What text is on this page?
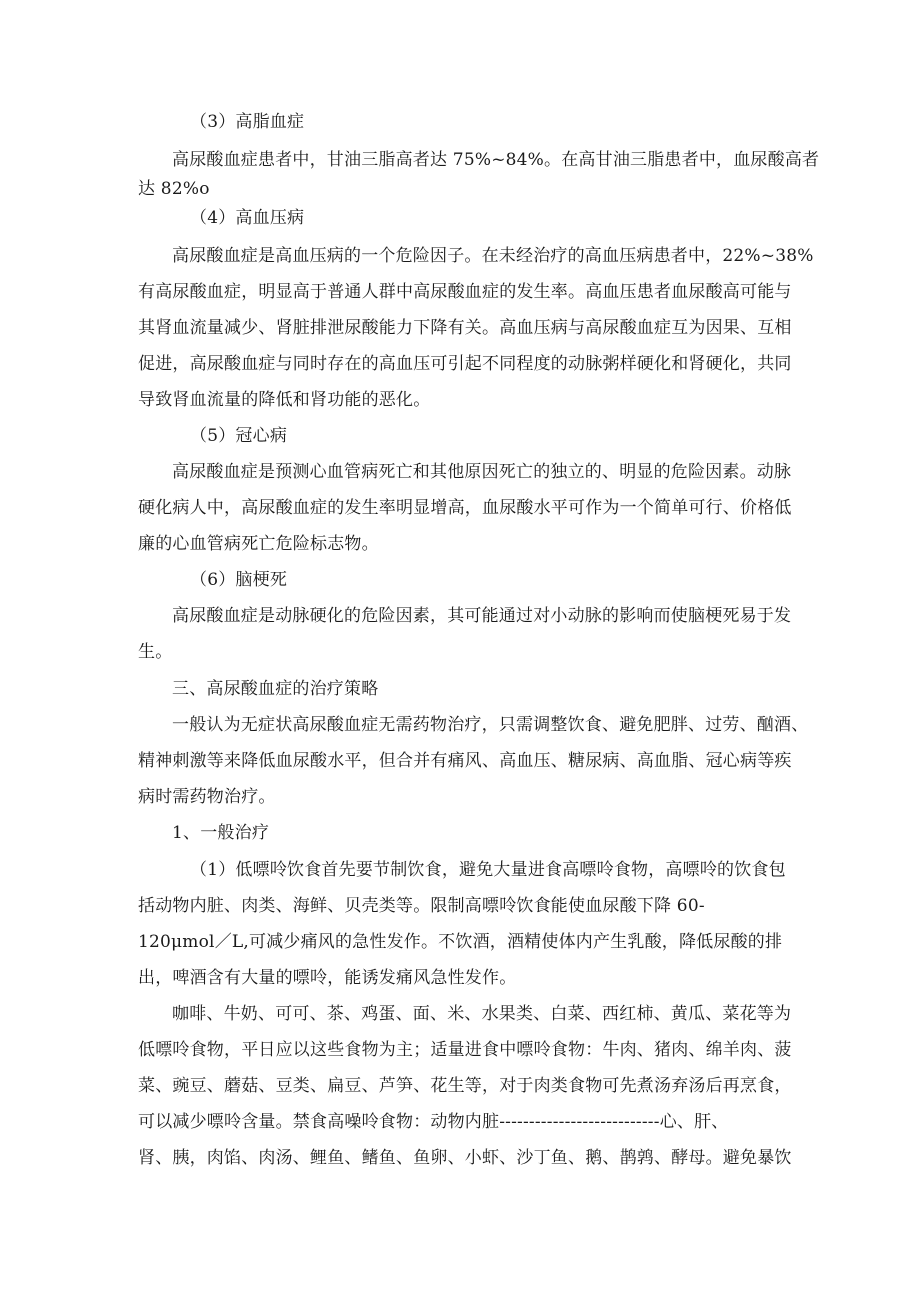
（3）高脂血症

高尿酸血症患者中，甘油三脂高者达 75%~84%。在高甘油三脂患者中，血尿酸高者

达 82%o

（4）高血压病

高尿酸血症是高血压病的一个危险因子。在未经治疗的高血压病患者中，22%~38%

有高尿酸血症，明显高于普通人群中高尿酸血症的发生率。高血压患者血尿酸高可能与

其肾血流量减少、肾脏排泄尿酸能力下降有关。高血压病与高尿酸血症互为因果、互相

促进，高尿酸血症与同时存在的高血压可引起不同程度的动脉粥样硬化和肾硬化，共同

导致肾血流量的降低和肾功能的恶化。

（5）冠心病

高尿酸血症是预测心血管病死亡和其他原因死亡的独立的、明显的危险因素。动脉

硬化病人中，高尿酸血症的发生率明显增高，血尿酸水平可作为一个简单可行、价格低

廉的心血管病死亡危险标志物。

（6）脑梗死

高尿酸血症是动脉硬化的危险因素，其可能通过对小动脉的影响而使脑梗死易于发

生。

三、高尿酸血症的治疗策略

一般认为无症状高尿酸血症无需药物治疗，只需调整饮食、避免肥胖、过劳、酗酒、

精神刺激等来降低血尿酸水平，但合并有痛风、高血压、糖尿病、高血脂、冠心病等疾

病时需药物治疗。

1、一般治疗

（1）低嘌呤饮食首先要节制饮食，避免大量进食高嘌呤食物，高嘌呤的饮食包

括动物内脏、肉类、海鲜、贝壳类等。限制高嘌呤饮食能使血尿酸下降 60-

120μmol／L,可减少痛风的急性发作。不饮酒，酒精使体内产生乳酸，降低尿酸的排

出，啤酒含有大量的嘌呤，能诱发痛风急性发作。

咖啡、牛奶、可可、茶、鸡蛋、面、米、水果类、白菜、西红柿、黄瓜、菜花等为

低嘌呤食物，平日应以这些食物为主；适量进食中嘌呤食物：牛肉、猪肉、绵羊肉、菠

菜、豌豆、蘑菇、豆类、扁豆、芦笋、花生等，对于肉类食物可先煮汤弃汤后再烹食，

可以减少嘌呤含量。禁食高噪呤食物：动物内脏---------------------------心、肝、

肾、胰，肉馅、肉汤、鲤鱼、鳍鱼、鱼卵、小虾、沙丁鱼、鹅、鹊鹑、酵母。避免暴饮
